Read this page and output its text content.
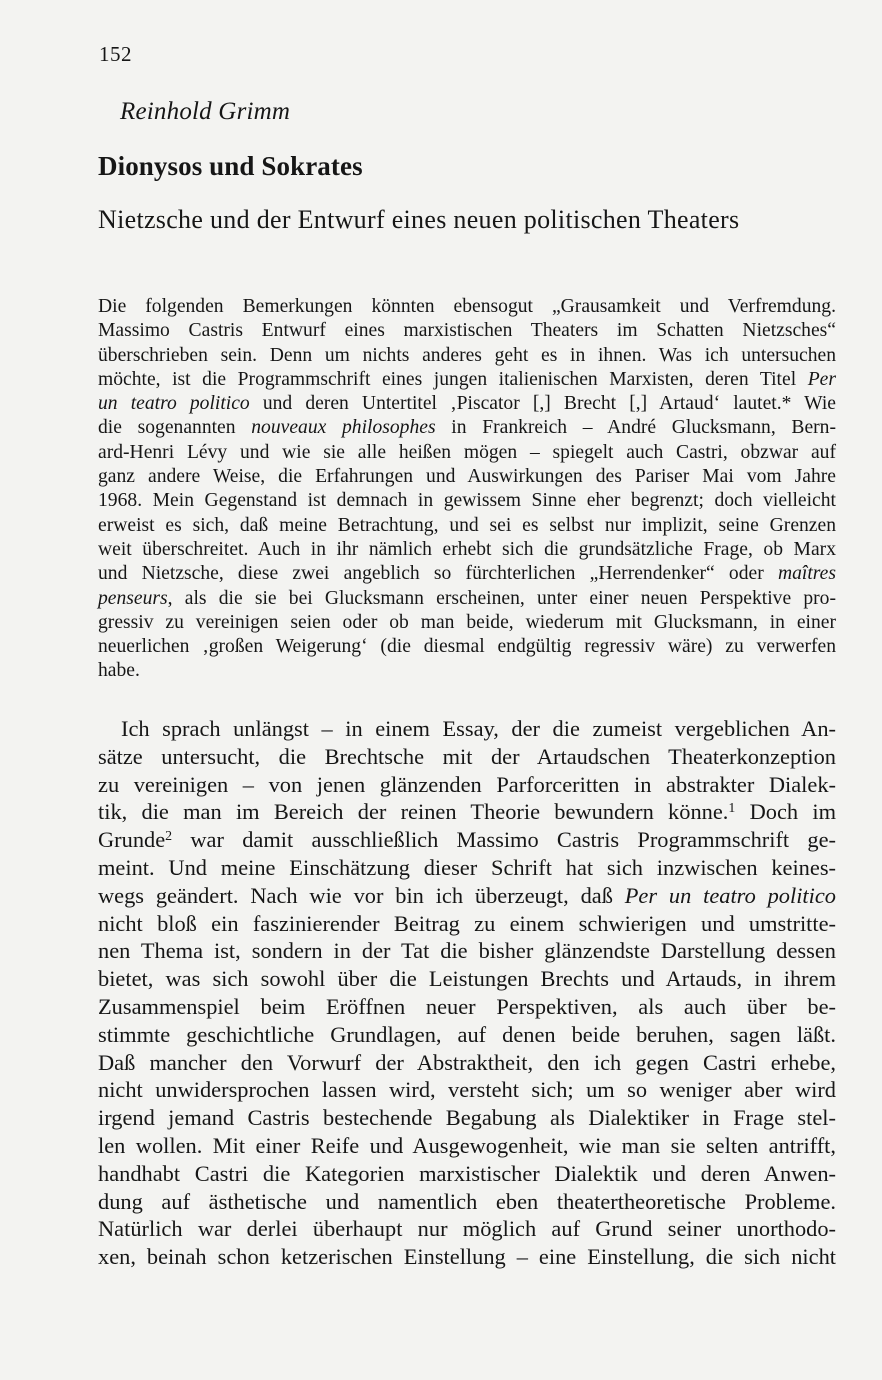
152
Reinhold Grimm
Dionysos und Sokrates
Nietzsche und der Entwurf eines neuen politischen Theaters
Die folgenden Bemerkungen könnten ebensogut „Grausamkeit und Verfremdung.
Massimo Castris Entwurf eines marxistischen Theaters im Schatten Nietzsches“
überschrieben sein. Denn um nichts anderes geht es in ihnen. Was ich untersuchen
möchte, ist die Programmschrift eines jungen italienischen Marxisten, deren Titel Per
un teatro politico und deren Untertitel ‚Piscator [,] Brecht [,] Artaud‘ lautet.* Wie
die sogenannten nouveaux philosophes in Frankreich – André Glucksmann, Bern-
ard-Henri Lévy und wie sie alle heißen mögen – spiegelt auch Castri, obzwar auf
ganz andere Weise, die Erfahrungen und Auswirkungen des Pariser Mai vom Jahre
1968. Mein Gegenstand ist demnach in gewissem Sinne eher begrenzt; doch vielleicht
erweist es sich, daß meine Betrachtung, und sei es selbst nur implizit, seine Grenzen
weit überschreitet. Auch in ihr nämlich erhebt sich die grundsätzliche Frage, ob Marx
und Nietzsche, diese zwei angeblich so fürchterlichen „Herrendenker“ oder maîtres
penseurs, als die sie bei Glucksmann erscheinen, unter einer neuen Perspektive pro-
gressiv zu vereinigen seien oder ob man beide, wiederum mit Glucksmann, in einer
neuerlichen ‚großen Weigerung‘ (die diesmal endgültig regressiv wäre) zu verwerfen
habe.
Ich sprach unlängst – in einem Essay, der die zumeist vergeblichen An-
sätze untersucht, die Brechtsche mit der Artaudschen Theaterkonzeption
zu vereinigen – von jenen glänzenden Parforceritten in abstrakter Dialek-
tik, die man im Bereich der reinen Theorie bewundern könne.$^1$ Doch im
Grunde$^2$ war damit ausschließlich Massimo Castris Programmschrift ge-
meint. Und meine Einschätzung dieser Schrift hat sich inzwischen keines-
wegs geändert. Nach wie vor bin ich überzeugt, daß Per un teatro politico
nicht bloß ein faszinierender Beitrag zu einem schwierigen und umstritte-
nen Thema ist, sondern in der Tat die bisher glänzendste Darstellung dessen
bietet, was sich sowohl über die Leistungen Brechts und Artauds, in ihrem
Zusammenspiel beim Eröffnen neuer Perspektiven, als auch über be-
stimmte geschichtliche Grundlagen, auf denen beide beruhen, sagen läßt.
Daß mancher den Vorwurf der Abstraktheit, den ich gegen Castri erhebe,
nicht unwidersprochen lassen wird, versteht sich; um so weniger aber wird
irgend jemand Castris bestechende Begabung als Dialektiker in Frage stel-
len wollen. Mit einer Reife und Ausgewogenheit, wie man sie selten antrifft,
handhabt Castri die Kategorien marxistischer Dialektik und deren Anwen-
dung auf ästhetische und namentlich eben theatertheoretische Probleme.
Natürlich war derlei überhaupt nur möglich auf Grund seiner unorthodo-
xen, beinah schon ketzerischen Einstellung – eine Einstellung, die sich nicht
